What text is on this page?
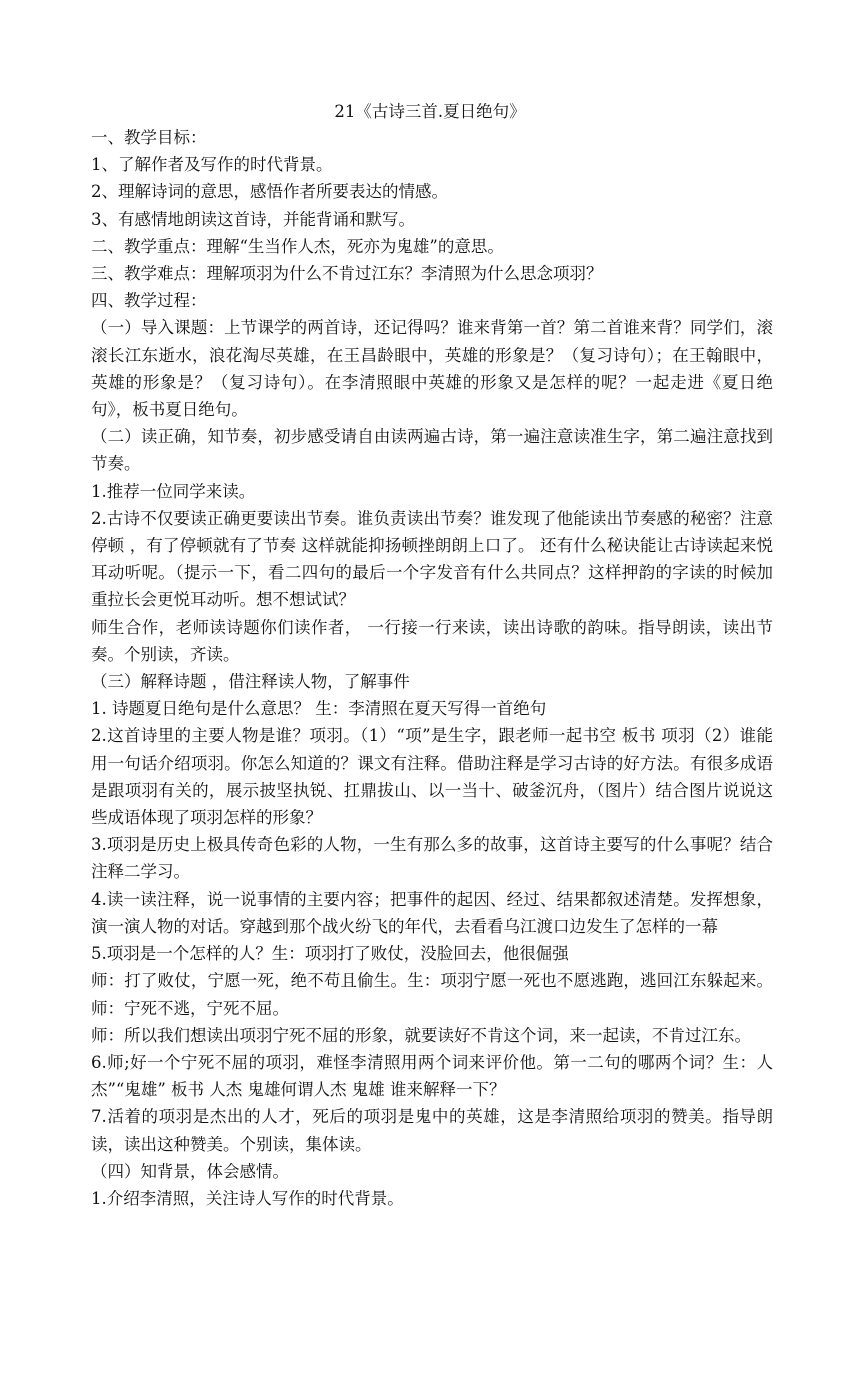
21《古诗三首.夏日绝句》

一、教学目标：

1、了解作者及写作的时代背景。

2、理解诗词的意思，感悟作者所要表达的情感。

3、有感情地朗读这首诗，并能背诵和默写。

二、教学重点：理解“生当作人杰，死亦为鬼雄”的意思。

三、教学难点：理解项羽为什么不肯过江东？李清照为什么思念项羽？

四、教学过程：

（一）导入课题：上节课学的两首诗，还记得吗？谁来背第一首？第二首谁来背？同学们，滚滚长江东逝水，浪花淘尽英雄，在王昌龄眼中，英雄的形象是？（复习诗句）；在王翰眼中，英雄的形象是？（复习诗句）。在李清照眼中英雄的形象又是怎样的呢？一起走进《夏日绝句》，板书夏日绝句。

（二）读正确，知节奏，初步感受请自由读两遍古诗，第一遍注意读准生字，第二遍注意找到节奏。

1.推荐一位同学来读。

2.古诗不仅要读正确更要读出节奏。谁负责读出节奏？谁发现了他能读出节奏感的秘密？注意停顿 ，有了停顿就有了节奏 这样就能抑扬顿挫朗朗上口了。 还有什么秘诀能让古诗读起来悦耳动听呢。（提示一下，看二四句的最后一个字发音有什么共同点？这样押韵的字读的时候加重拉长会更悦耳动听。想不想试试？

师生合作，老师读诗题你们读作者， 一行接一行来读，读出诗歌的韵味。指导朗读，读出节奏。个别读，齐读。

（三）解释诗题 ，借注释读人物，了解事件

1. 诗题夏日绝句是什么意思？ 生：李清照在夏天写得一首绝句

2.这首诗里的主要人物是谁？项羽。（1）“项”是生字，跟老师一起书空 板书 项羽（2）谁能用一句话介绍项羽。你怎么知道的？课文有注释。借助注释是学习古诗的好方法。有很多成语是跟项羽有关的，展示披坚执锐、扛鼎拔山、以一当十、破釜沉舟，（图片）结合图片说说这些成语体现了项羽怎样的形象？

3.项羽是历史上极具传奇色彩的人物，一生有那么多的故事，这首诗主要写的什么事呢？结合注释二学习。

4.读一读注释，说一说事情的主要内容；把事件的起因、经过、结果都叙述清楚。发挥想象，演一演人物的对话。穿越到那个战火纷飞的年代，去看看乌江渡口边发生了怎样的一幕

5.项羽是一个怎样的人？生：项羽打了败仗，没脸回去，他很倔强

师：打了败仗，宁愿一死，绝不苟且偷生。生：项羽宁愿一死也不愿逃跑，逃回江东躲起来。师：宁死不逃，宁死不屈。

师：所以我们想读出项羽宁死不屈的形象，就要读好不肯这个词，来一起读，不肯过江东。

6.师;好一个宁死不屈的项羽，难怪李清照用两个词来评价他。第一二句的哪两个词？生：人杰”“鬼雄” 板书 人杰 鬼雄何谓人杰 鬼雄 谁来解释一下？

7.活着的项羽是杰出的人才，死后的项羽是鬼中的英雄，这是李清照给项羽的赞美。指导朗读，读出这种赞美。个别读，集体读。

（四）知背景，体会感情。

1.介绍李清照，关注诗人写作的时代背景。
